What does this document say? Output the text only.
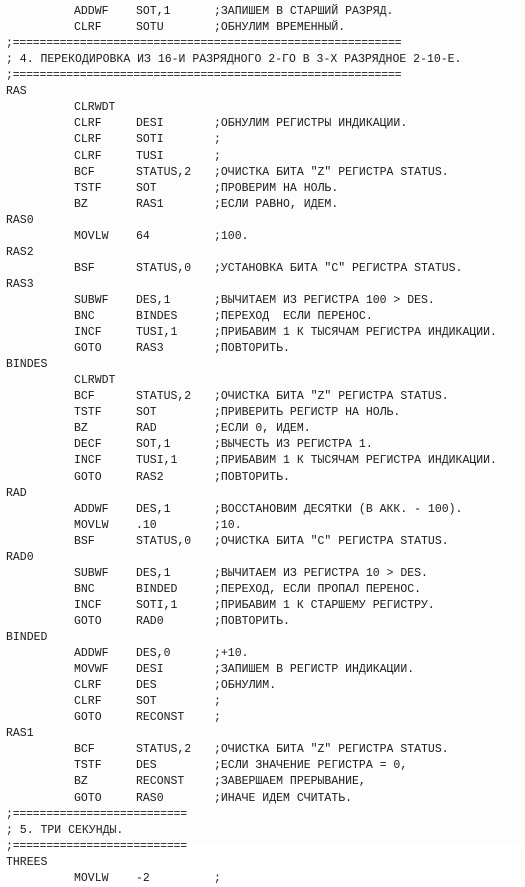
ADDWF SOT,1	;ЗАПИШЕМ В СТАРШИЙ РАЗРЯД.
CLRF	SOTU	;ОБНУЛИМ ВРЕМЕННЫЙ.
;==========================================================
; 4. ПЕРЕКОДИРОВКА ИЗ 16-И РАЗРЯДНОГО 2-ГО В 3-Х РАЗРЯДНОЕ 2-10-Е.
;==========================================================
RAS
CLRWDT
CLRF	DESI	;ОБНУЛИМ РЕГИСТРЫ ИНДИКАЦИИ.
CLRF	SOTI	;
CLRF	TUSI	;
BCF	STATUS,2 ;ОЧИСТКА БИТА "Z" РЕГИСТРА STATUS.
TSTF	SOT	;ПРОВЕРИМ НА НОЛЬ.
BZ	RAS1	;ЕСЛИ РАВНО, ИДЕМ.
RAS0
MOVLW 64	;100.
RAS2
BSF	STATUS,0 ;УСТАНОВКА БИТА "С" РЕГИСТРА STATUS.
RAS3
SUBWF DES,1	;ВЫЧИТАЕМ ИЗ РЕГИСТРА 100 > DES.
BNC	BINDES	;ПЕРЕХОД  ЕСЛИ ПЕРЕНОС.
INCF	TUSI,1	;ПРИБАВИМ 1 К ТЫСЯЧАМ РЕГИСТРА ИНДИКАЦИИ.
GOTO	RAS3	;ПОВТОРИТЬ.
BINDES
CLRWDT
BCF	STATUS,2 ;ОЧИСТКА БИТА "Z" РЕГИСТРА STATUS.
TSTF	SOT	;ПРИВЕРИТЬ РЕГИСТР НА НОЛЬ.
BZ	RAD	;ЕСЛИ 0, ИДЕМ.
DECF	SOT,1	;ВЫЧЕСТЬ ИЗ РЕГИСТРА 1.
INCF	TUSI,1	;ПРИБАВИМ 1 К ТЫСЯЧАМ РЕГИСТРА ИНДИКАЦИИ.
GOTO	RAS2	;ПОВТОРИТЬ.
RAD
ADDWF DES,1	;ВОССТАНОВИМ ДЕСЯТКИ (В АКК. - 100).
MOVLW .10	;10.
BSF	STATUS,0 ;ОЧИСТКА БИТА "С" РЕГИСТРА STATUS.
RAD0
SUBWF DES,1	;ВЫЧИТАЕМ ИЗ РЕГИСТРА 10 > DES.
BNC	BINDED	;ПЕРЕХОД, ЕСЛИ ПРОПАЛ ПЕРЕНОС.
INCF	SOTI,1	;ПРИБАВИМ 1 К СТАРШЕМУ РЕГИСТРУ.
GOTO	RAD0	;ПОВТОРИТЬ.
BINDED
ADDWF DES,0	;+10.
MOVWF DESI	;ЗАПИШЕМ В РЕГИСТР ИНДИКАЦИИ.
CLRF	DES	;ОБНУЛИМ.
CLRF	SOT	;
GOTO	RECONST	;
RAS1
BCF	STATUS,2 ;ОЧИСТКА БИТА "Z" РЕГИСТРА STATUS.
TSTF	DES	;ЕСЛИ ЗНАЧЕНИЕ РЕГИСТРА = 0,
BZ	RECONST	;ЗАВЕРШАЕМ ПРЕРЫВАНИЕ,
GOTO	RAS0	;ИНАЧЕ ИДЕМ СЧИТАТЬ.
;==========================
; 5. ТРИ СЕКУНДЫ.
;==========================
THREES
MOVLW -2	;
